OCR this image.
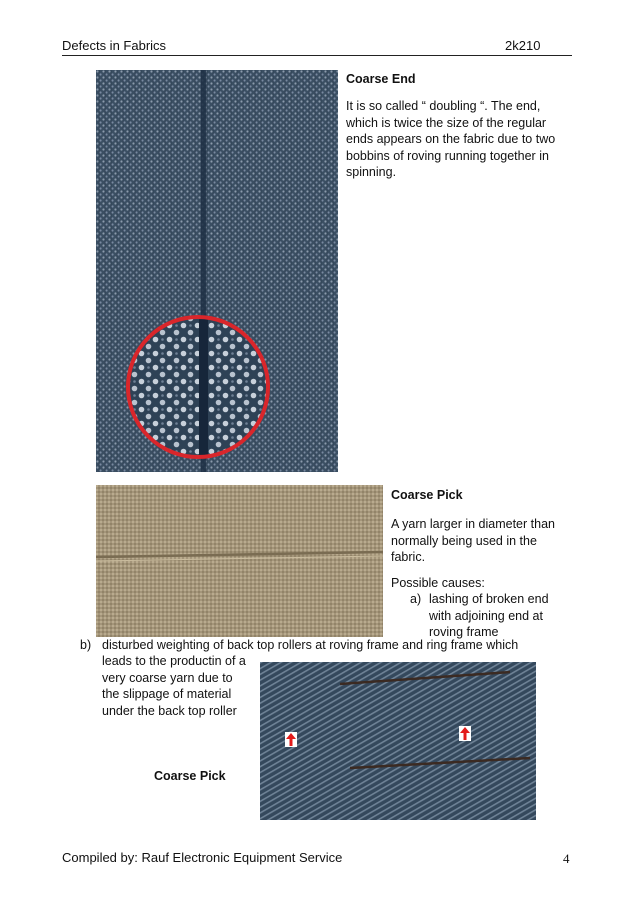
Defects in Fabrics	2k210
Coarse End
It is so called “ doubling “. The end, which is twice the size of the regular ends appears on the fabric due to two bobbins of roving running together in spinning.
Coarse Pick
A yarn larger in diameter than normally being used in the fabric.
Possible causes:
a) lashing of broken end with adjoining end at roving frame
b) disturbed weighting of back top rollers at roving frame and ring frame which
leads to the productin of a very coarse yarn due to the slippage of material under the back top roller
Coarse Pick
Compiled by: Rauf Electronic Equipment Service	4
